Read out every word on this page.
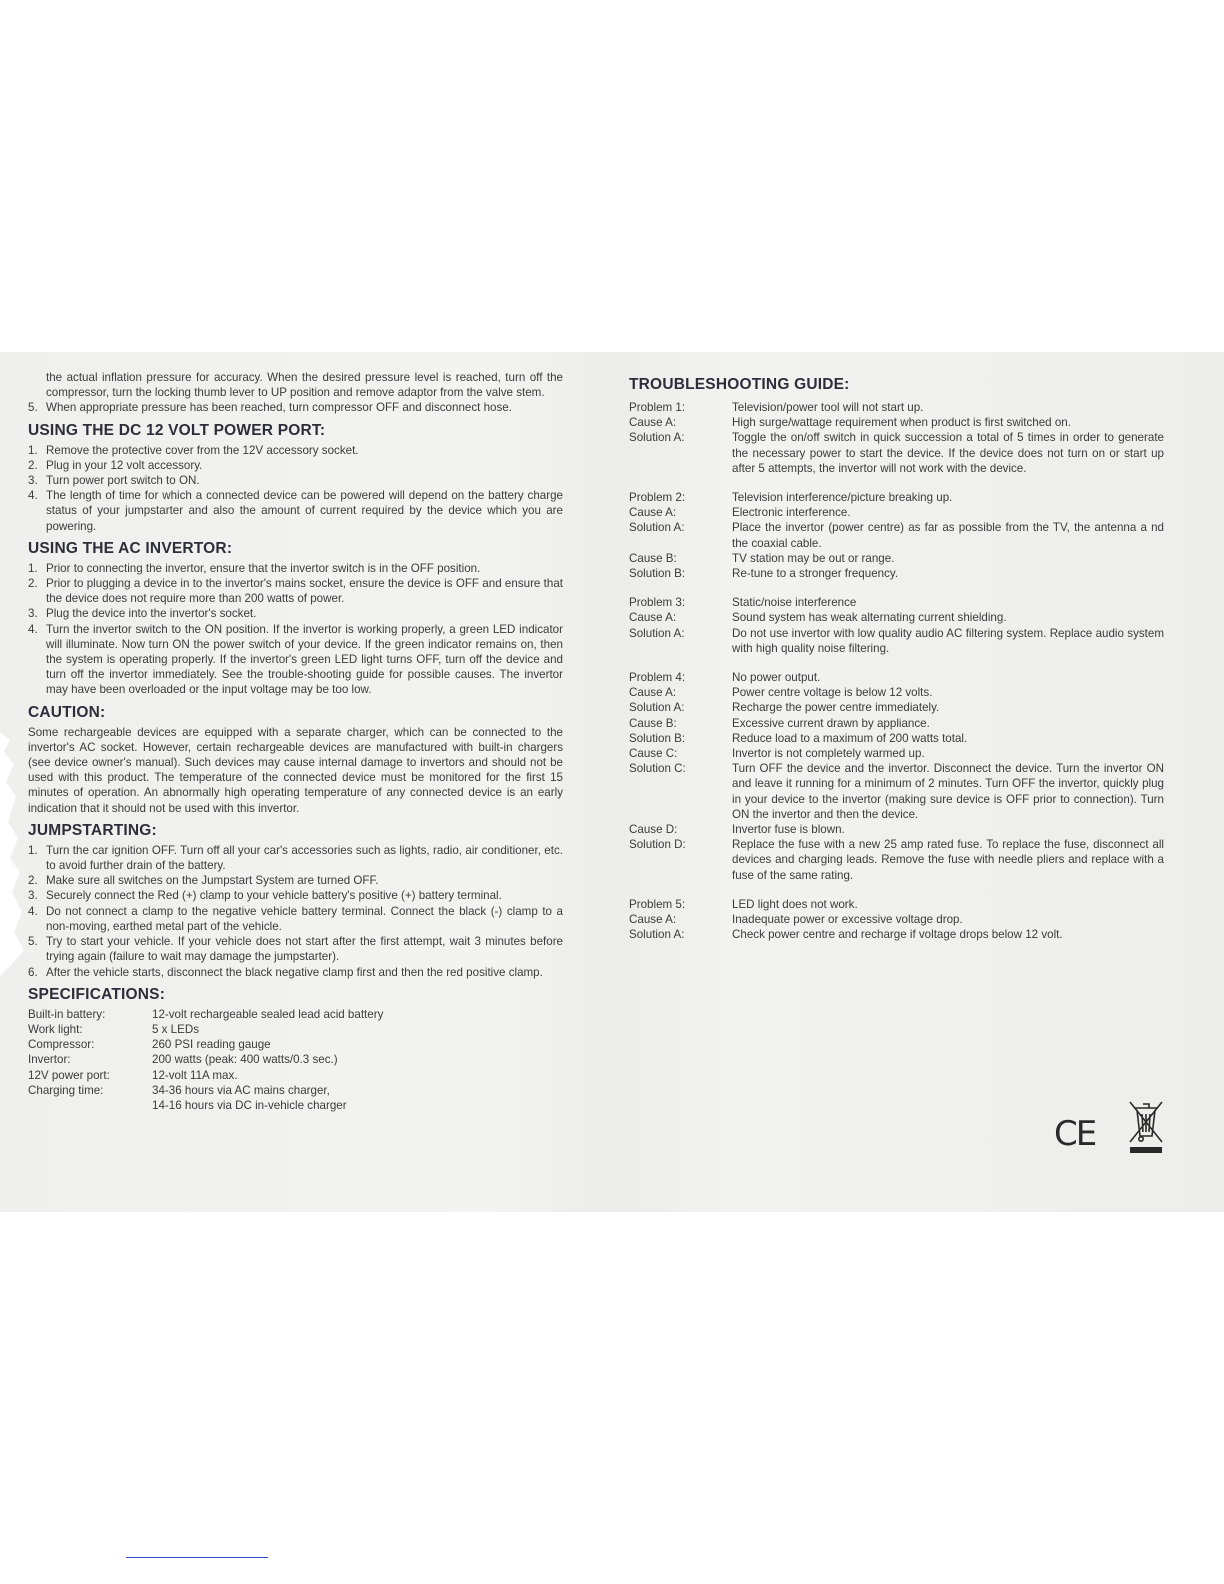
the actual inflation pressure for accuracy. When the desired pressure level is reached, turn off the compressor, turn the locking thumb lever to UP position and remove adaptor from the valve stem.
5. When appropriate pressure has been reached, turn compressor OFF and disconnect hose.
USING THE DC 12 VOLT POWER PORT:
1. Remove the protective cover from the 12V accessory socket.
2. Plug in your 12 volt accessory.
3. Turn power port switch to ON.
4. The length of time for which a connected device can be powered will depend on the battery charge status of your jumpstarter and also the amount of current required by the device which you are powering.
USING THE AC INVERTOR:
1. Prior to connecting the invertor, ensure that the invertor switch is in the OFF position.
2. Prior to plugging a device in to the invertor's mains socket, ensure the device is OFF and ensure that the device does not require more than 200 watts of power.
3. Plug the device into the invertor's socket.
4. Turn the invertor switch to the ON position. If the invertor is working properly, a green LED indicator will illuminate. Now turn ON the power switch of your device. If the green indicator remains on, then the system is operating properly. If the invertor's green LED light turns OFF, turn off the device and turn off the invertor immediately. See the trouble-shooting guide for possible causes. The invertor may have been overloaded or the input voltage may be too low.
CAUTION:
Some rechargeable devices are equipped with a separate charger, which can be connected to the invertor's AC socket. However, certain rechargeable devices are manufactured with built-in chargers (see device owner's manual). Such devices may cause internal damage to invertors and should not be used with this product. The temperature of the connected device must be monitored for the first 15 minutes of operation. An abnormally high operating temperature of any connected device is an early indication that it should not be used with this invertor.
JUMPSTARTING:
1. Turn the car ignition OFF. Turn off all your car's accessories such as lights, radio, air conditioner, etc. to avoid further drain of the battery.
2. Make sure all switches on the Jumpstart System are turned OFF.
3. Securely connect the Red (+) clamp to your vehicle battery's positive (+) battery terminal.
4. Do not connect a clamp to the negative vehicle battery terminal. Connect the black (-) clamp to a non-moving, earthed metal part of the vehicle.
5. Try to start your vehicle. If your vehicle does not start after the first attempt, wait 3 minutes before trying again (failure to wait may damage the jumpstarter).
6. After the vehicle starts, disconnect the black negative clamp first and then the red positive clamp.
SPECIFICATIONS:
Built-in battery:	12-volt rechargeable sealed lead acid battery
Work light:	5 x LEDs
Compressor:	260 PSI reading gauge
Invertor:	200 watts (peak: 400 watts/0.3 sec.)
12V power port:	12-volt 11A max.
Charging time:	34-36 hours via AC mains charger,
14-16 hours via DC in-vehicle charger
TROUBLESHOOTING GUIDE:
Problem 1:	Television/power tool will not start up.
Cause A:	High surge/wattage requirement when product is first switched on.
Solution A:	Toggle the on/off switch in quick succession a total of 5 times in order to generate the necessary power to start the device. If the device does not turn on or start up after 5 attempts, the invertor will not work with the device.
Problem 2:	Television interference/picture breaking up.
Cause A:	Electronic interference.
Solution A:	Place the invertor (power centre) as far as possible from the TV, the antenna a nd the coaxial cable.
Cause B:	TV station may be out or range.
Solution B:	Re-tune to a stronger frequency.
Problem 3:	Static/noise interference
Cause A:	Sound system has weak alternating current shielding.
Solution A:	Do not use invertor with low quality audio AC filtering system. Replace audio system with high quality noise filtering.
Problem 4:	No power output.
Cause A:	Power centre voltage is below 12 volts.
Solution A:	Recharge the power centre immediately.
Cause B:	Excessive current drawn by appliance.
Solution B:	Reduce load to a maximum of 200 watts total.
Cause C:	Invertor is not completely warmed up.
Solution C:	Turn OFF the device and the invertor. Disconnect the device. Turn the invertor ON and leave it running for a minimum of 2 minutes. Turn OFF the invertor, quickly plug in your device to the invertor (making sure device is OFF prior to connection). Turn ON the invertor and then the device.
Cause D:	Invertor fuse is blown.
Solution D:	Replace the fuse with a new 25 amp rated fuse. To replace the fuse, disconnect all devices and charging leads. Remove the fuse with needle pliers and replace with a fuse of the same rating.
Problem 5:	LED light does not work.
Cause A:	Inadequate power or excessive voltage drop.
Solution A:	Check power centre and recharge if voltage drops below 12 volt.
CE
